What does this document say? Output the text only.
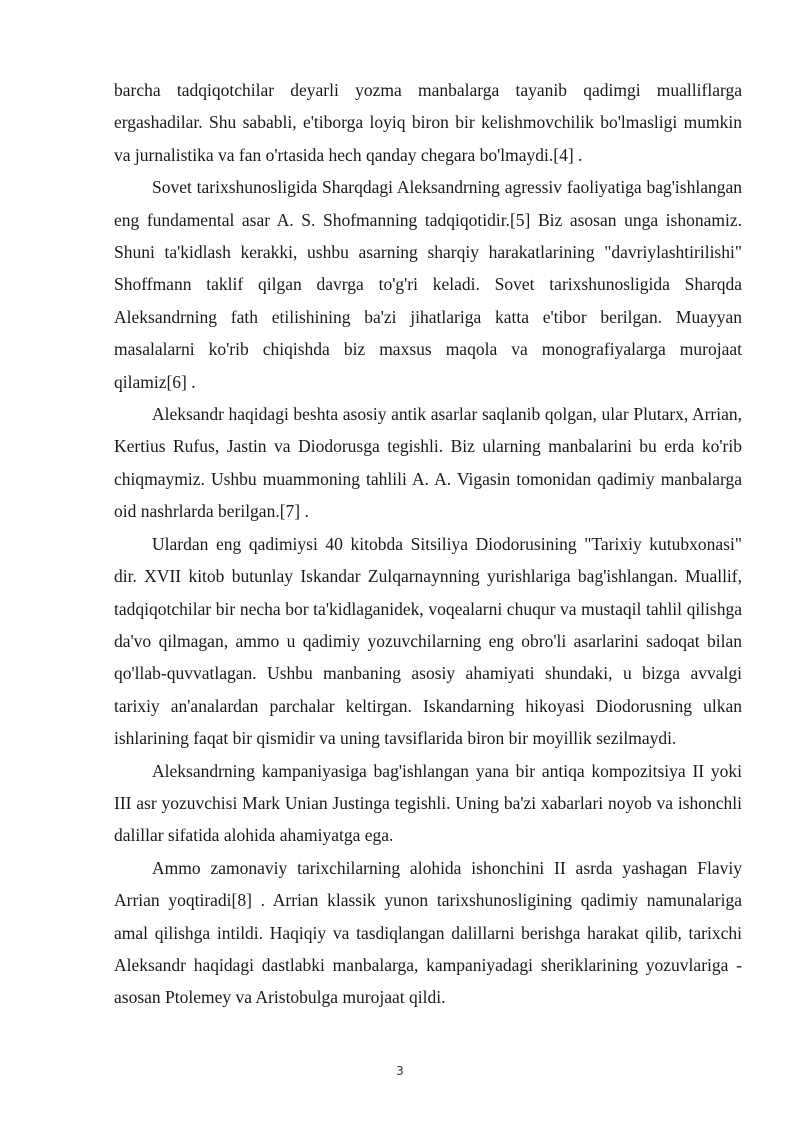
barcha tadqiqotchilar deyarli yozma manbalarga tayanib qadimgi mualliflarga ergashadilar. Shu sababli, e'tiborga loyiq biron bir kelishmovchilik bo'lmasligi mumkin va jurnalistika va fan o'rtasida hech qanday chegara bo'lmaydi.[4] .

Sovet tarixshunosligida Sharqdagi Aleksandrning agressiv faoliyatiga bag'ishlangan eng fundamental asar A. S. Shofmanning tadqiqotidir.[5] Biz asosan unga ishonamiz. Shuni ta'kidlash kerakki, ushbu asarning sharqiy harakatlarining "davriylashtirilishi" Shoffmann taklif qilgan davrga to'g'ri keladi. Sovet tarixshunosligida Sharqda Aleksandrning fath etilishining ba'zi jihatlariga katta e'tibor berilgan. Muayyan masalalarni ko'rib chiqishda biz maxsus maqola va monografiyalarga murojaat qilamiz[6] .

Aleksandr haqidagi beshta asosiy antik asarlar saqlanib qolgan, ular Plutarx, Arrian, Kertius Rufus, Jastin va Diodorusga tegishli. Biz ularning manbalarini bu erda ko'rib chiqmaymiz. Ushbu muammoning tahlili A. A. Vigasin tomonidan qadimiy manbalarga oid nashrlarda berilgan.[7] .

Ulardan eng qadimiysi 40 kitobda Sitsiliya Diodorusining "Tarixiy kutubxonasi" dir. XVII kitob butunlay Iskandar Zulqarnaynning yurishlariga bag'ishlangan. Muallif, tadqiqotchilar bir necha bor ta'kidlaganidek, voqealarni chuqur va mustaqil tahlil qilishga da'vo qilmagan, ammo u qadimiy yozuvchilarning eng obro'li asarlarini sadoqat bilan qo'llab-quvvatlagan. Ushbu manbaning asosiy ahamiyati shundaki, u bizga avvalgi tarixiy an'analardan parchalar keltirgan. Iskandarning hikoyasi Diodorusning ulkan ishlarining faqat bir qismidir va uning tavsiflarida biron bir moyillik sezilmaydi.

Aleksandrning kampaniyasiga bag'ishlangan yana bir antiqa kompozitsiya II yoki III asr yozuvchisi Mark Unian Justinga tegishli. Uning ba'zi xabarlari noyob va ishonchli dalillar sifatida alohida ahamiyatga ega.

Ammo zamonaviy tarixchilarning alohida ishonchini II asrda yashagan Flaviy Arrian yoqtiradi[8] . Arrian klassik yunon tarixshunosligining qadimiy namunalariga amal qilishga intildi. Haqiqiy va tasdiqlangan dalillarni berishga harakat qilib, tarixchi Aleksandr haqidagi dastlabki manbalarga, kampaniyadagi sheriklarining yozuvlariga - asosan Ptolemey va Aristobulga murojaat qildi.

3
